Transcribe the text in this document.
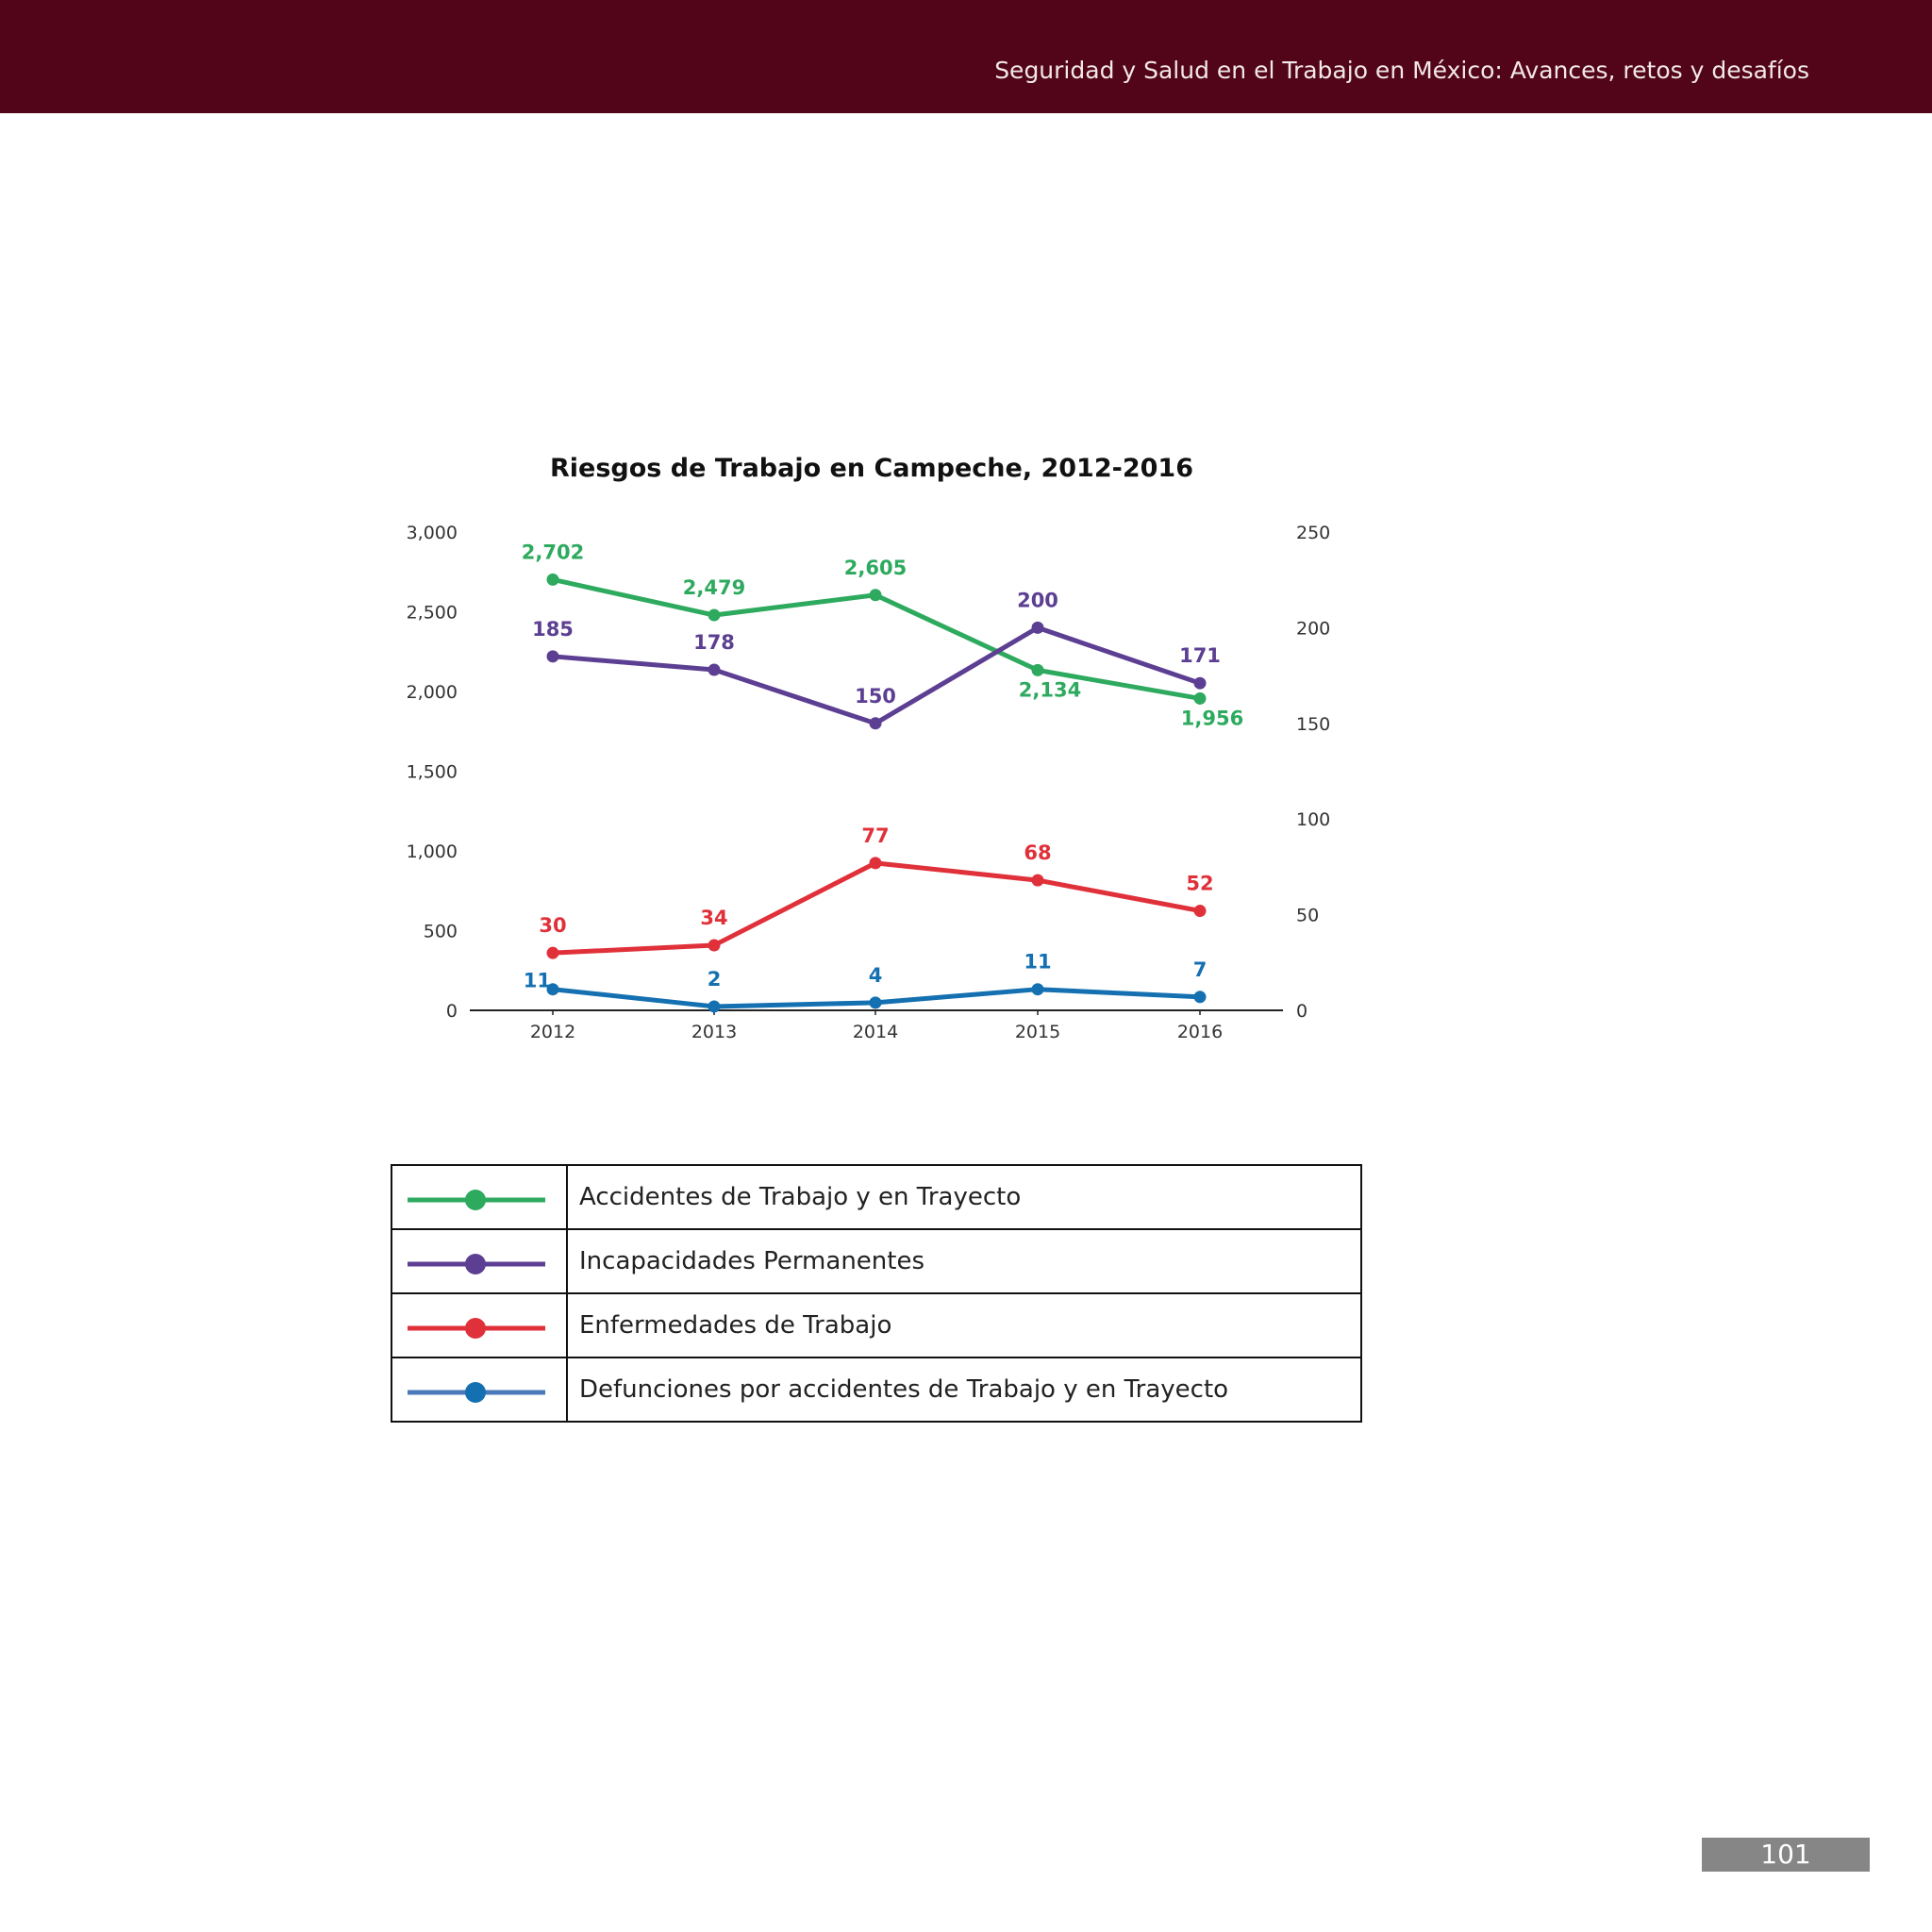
Seguridad y Salud en el Trabajo en México: Avances, retos y desafíos
Riesgos de Trabajo en Campeche, 2012-2016
2012	2013	2014	2015	2016
0
500
1,000
1,500
2,000
2,500
3,000
0
50
100
150
200
250
2,702
2,479
2,605
2,134
1,956
185
178
150
200
171
30	34
77
68
52
11	2	4
11	7
	Accidentes de Trabajo y en Trayecto
	Incapacidades Permanentes
	Enfermedades de Trabajo
	Defunciones por accidentes de Trabajo y en Trayecto
101
